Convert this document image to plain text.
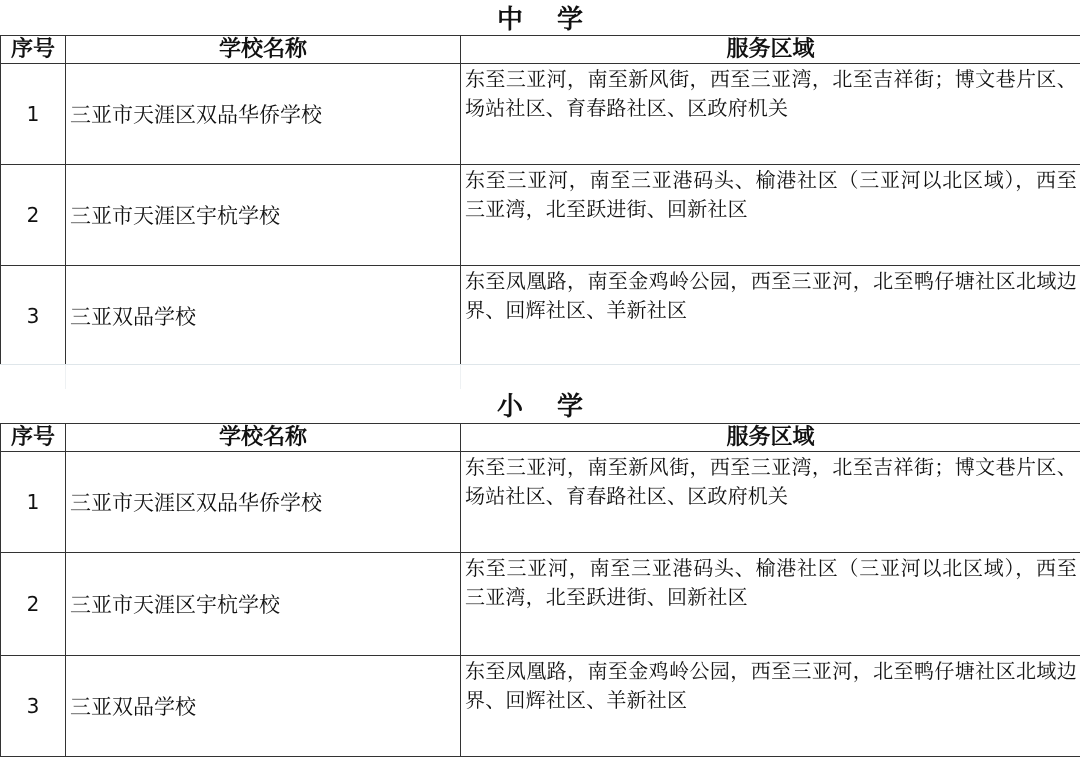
中 学
序号	学校名称	服务区域
1	三亚市天涯区双品华侨学校	东至三亚河，南至新风街，西至三亚湾，北至吉祥街；博文巷片区、场站社区、育春路社区、区政府机关
2	三亚市天涯区宇杭学校	东至三亚河，南至三亚港码头、榆港社区（三亚河以北区域），西至三亚湾，北至跃进街、回新社区
3	三亚双品学校	东至凤凰路，南至金鸡岭公园，西至三亚河，北至鸭仔塘社区北域边界、回辉社区、羊新社区
小 学
序号	学校名称	服务区域
1	三亚市天涯区双品华侨学校	东至三亚河，南至新风街，西至三亚湾，北至吉祥街；博文巷片区、场站社区、育春路社区、区政府机关
2	三亚市天涯区宇杭学校	东至三亚河，南至三亚港码头、榆港社区（三亚河以北区域），西至三亚湾，北至跃进街、回新社区
3	三亚双品学校	东至凤凰路，南至金鸡岭公园，西至三亚河，北至鸭仔塘社区北域边界、回辉社区、羊新社区
